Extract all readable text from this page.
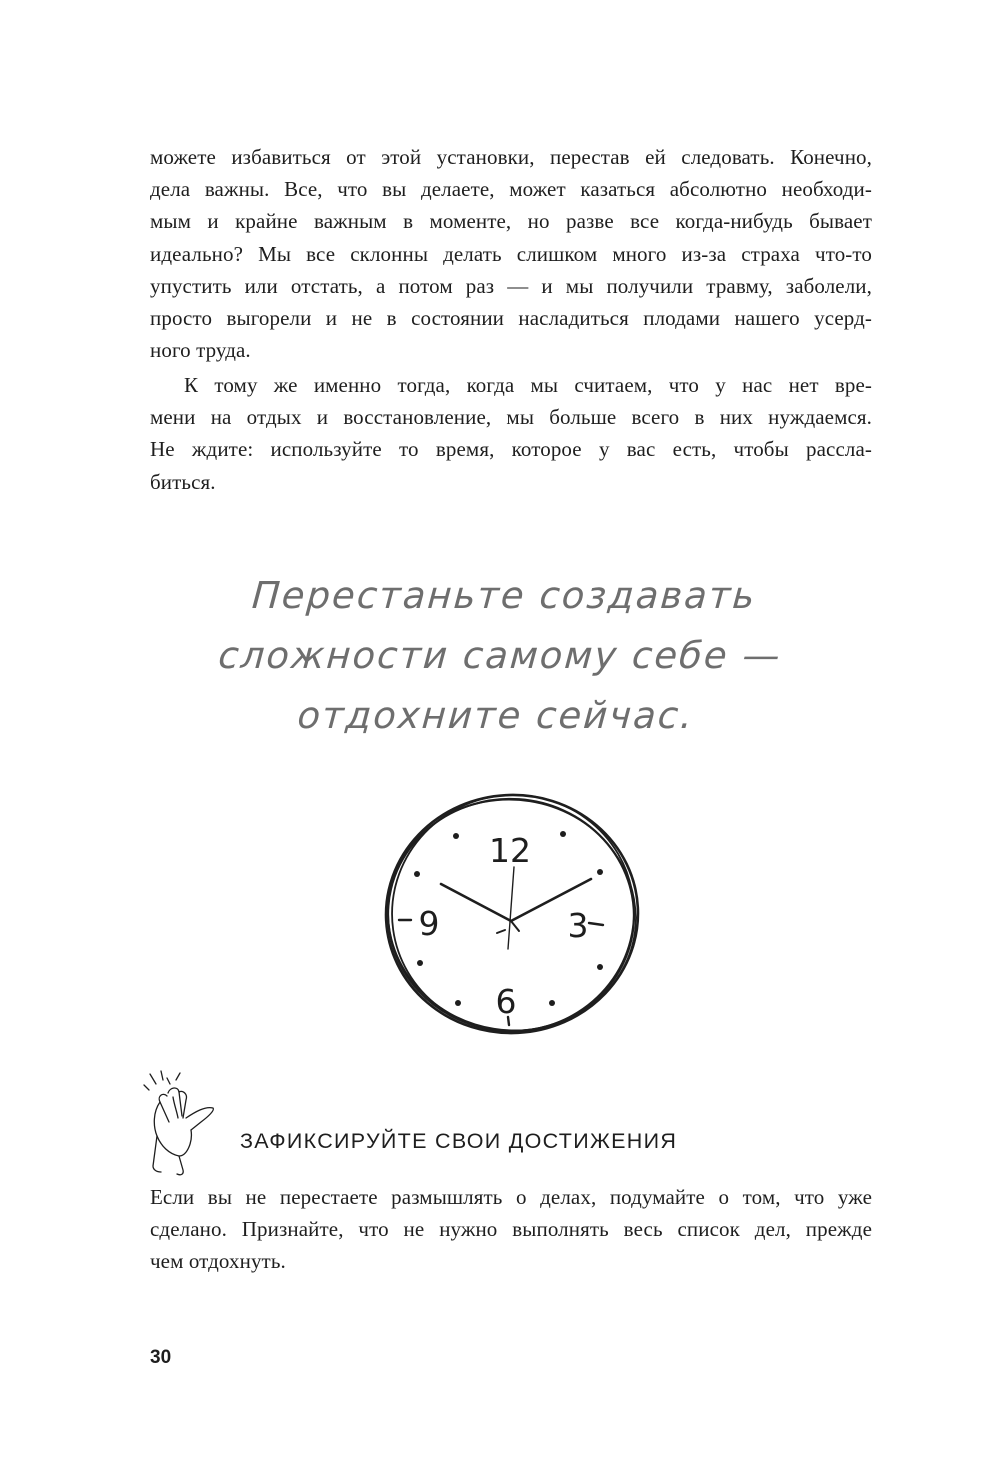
можете избавиться от этой установки, перестав ей следовать. Конечно,
дела важны. Все, что вы делаете, может казаться абсолютно необходи-
мым и крайне важным в моменте, но разве все когда-нибудь бывает
идеально? Мы все склонны делать слишком много из-за страха что-то
упустить или отстать, а потом раз — и мы получили травму, заболели,
просто выгорели и не в состоянии насладиться плодами нашего усерд-
ного труда.
К тому же именно тогда, когда мы считаем, что у нас нет вре-
мени на отдых и восстановление, мы больше всего в них нуждаемся.
Не ждите: используйте то время, которое у вас есть, чтобы рассла-
биться.
Перестаньте создавать
сложности самому себе —
отдохните сейчас.
12
3
6
9
ЗАФИКСИРУЙТЕ СВОИ ДОСТИЖЕНИЯ
Если вы не перестаете размышлять о делах, подумайте о том, что уже
сделано. Признайте, что не нужно выполнять весь список дел, прежде
чем отдохнуть.
30
